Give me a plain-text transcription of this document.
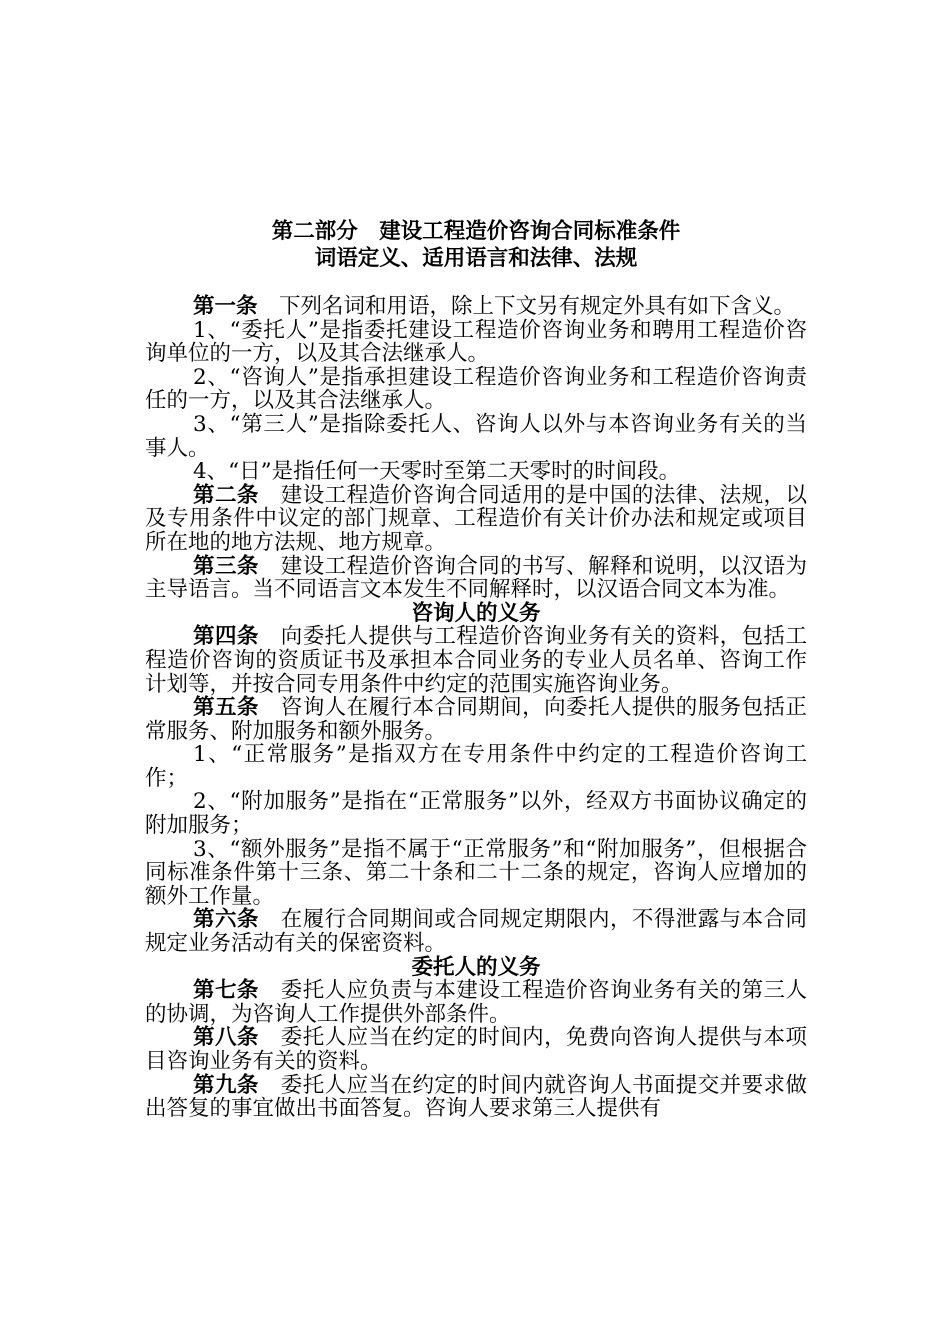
第二部分　建设工程造价咨询合同标准条件
词语定义、适用语言和法律、法规

第一条　下列名词和用语，除上下文另有规定外具有如下含义。

1、“委托人”是指委托建设工程造价咨询业务和聘用工程造价咨询单位的一方，以及其合法继承人。

2、“咨询人”是指承担建设工程造价咨询业务和工程造价咨询责任的一方，以及其合法继承人。

3、“第三人”是指除委托人、咨询人以外与本咨询业务有关的当事人。

4、“日”是指任何一天零时至第二天零时的时间段。

第二条　建设工程造价咨询合同适用的是中国的法律、法规，以及专用条件中议定的部门规章、工程造价有关计价办法和规定或项目所在地的地方法规、地方规章。

第三条　建设工程造价咨询合同的书写、解释和说明，以汉语为主导语言。当不同语言文本发生不同解释时，以汉语合同文本为准。

咨询人的义务

第四条　向委托人提供与工程造价咨询业务有关的资料，包括工程造价咨询的资质证书及承担本合同业务的专业人员名单、咨询工作计划等，并按合同专用条件中约定的范围实施咨询业务。

第五条　咨询人在履行本合同期间，向委托人提供的服务包括正常服务、附加服务和额外服务。

1、“正常服务”是指双方在专用条件中约定的工程造价咨询工作；

2、“附加服务”是指在“正常服务”以外，经双方书面协议确定的附加服务；

3、“额外服务”是指不属于“正常服务”和“附加服务”，但根据合同标准条件第十三条、第二十条和二十二条的规定，咨询人应增加的额外工作量。

第六条　在履行合同期间或合同规定期限内，不得泄露与本合同规定业务活动有关的保密资料。

委托人的义务

第七条　委托人应负责与本建设工程造价咨询业务有关的第三人的协调，为咨询人工作提供外部条件。

第八条　委托人应当在约定的时间内，免费向咨询人提供与本项目咨询业务有关的资料。

第九条　委托人应当在约定的时间内就咨询人书面提交并要求做出答复的事宜做出书面答复。咨询人要求第三人提供有
